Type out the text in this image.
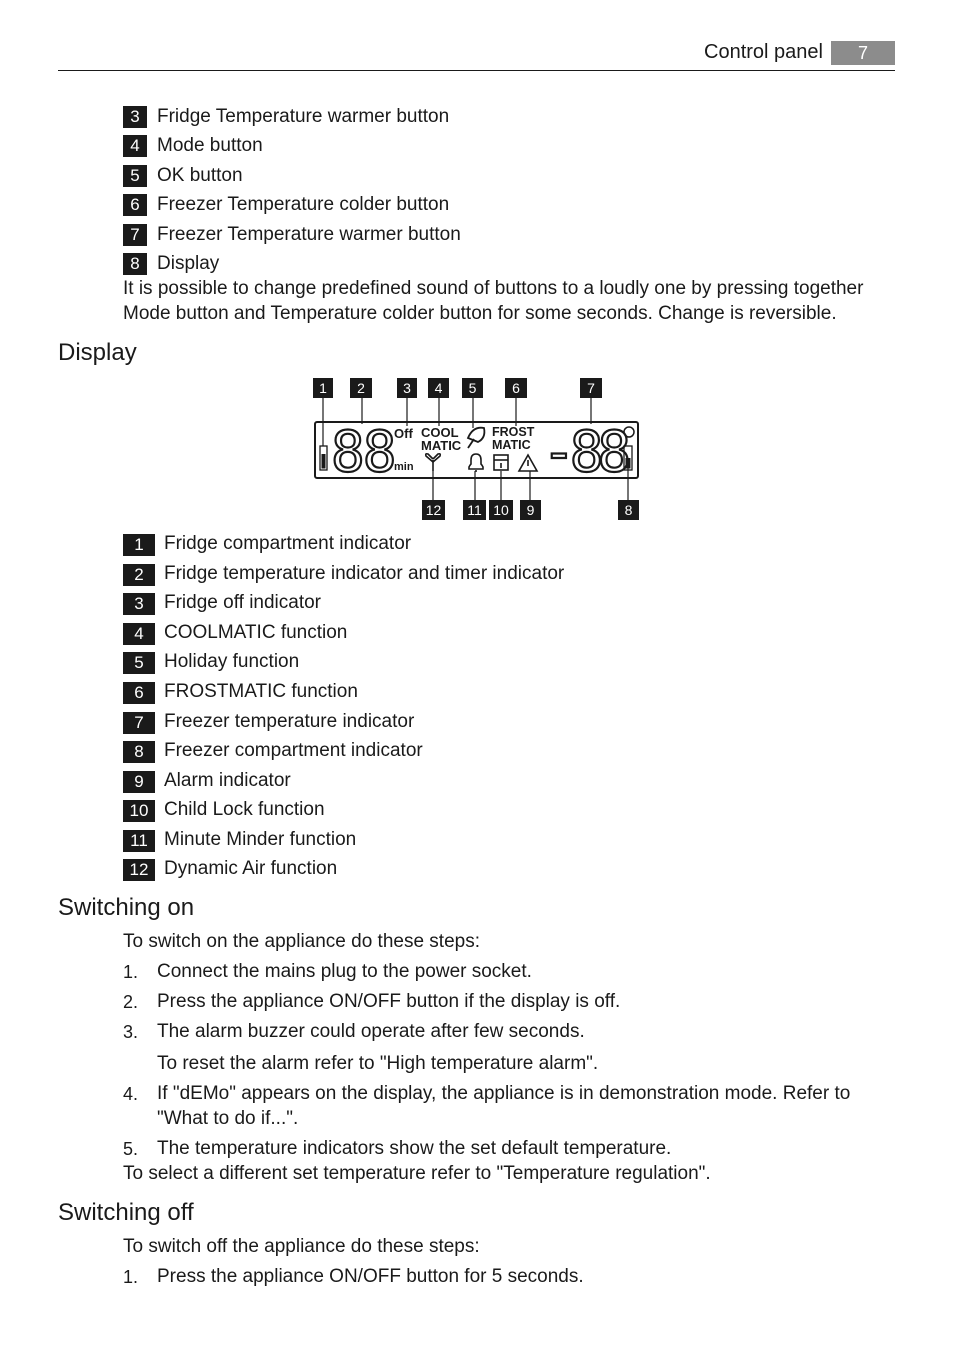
Control panel	7
3 Fridge Temperature warmer button
4 Mode button
5 OK button
6 Freezer Temperature colder button
7 Freezer Temperature warmer button
8 Display
It is possible to change predefined sound of buttons to a loudly one by pressing together
Mode button and Temperature colder button for some seconds. Change is reversible.
Display
88 Off
min
COOL
MATIC
FROST
MATIC -88
1	2	3	4	5	6	7
12	11 10	9	8
1	Fridge compartment indicator
2	Fridge temperature indicator and timer indicator
3	Fridge off indicator
4	COOLMATIC function
5	Holiday function
6	FROSTMATIC function
7	Freezer temperature indicator
8	Freezer compartment indicator
9	Alarm indicator
10 Child Lock function
11 Minute Minder function
12 Dynamic Air function
Switching on
To switch on the appliance do these steps:
1. Connect the mains plug to the power socket.
2. Press the appliance ON/OFF button if the display is off.
3. The alarm buzzer could operate after few seconds.
To reset the alarm refer to "High temperature alarm".
4. If "dEMo" appears on the display, the appliance is in demonstration mode. Refer to
"What to do if...".
5. The temperature indicators show the set default temperature.
To select a different set temperature refer to "Temperature regulation".
Switching off
To switch off the appliance do these steps:
1. Press the appliance ON/OFF button for 5 seconds.
